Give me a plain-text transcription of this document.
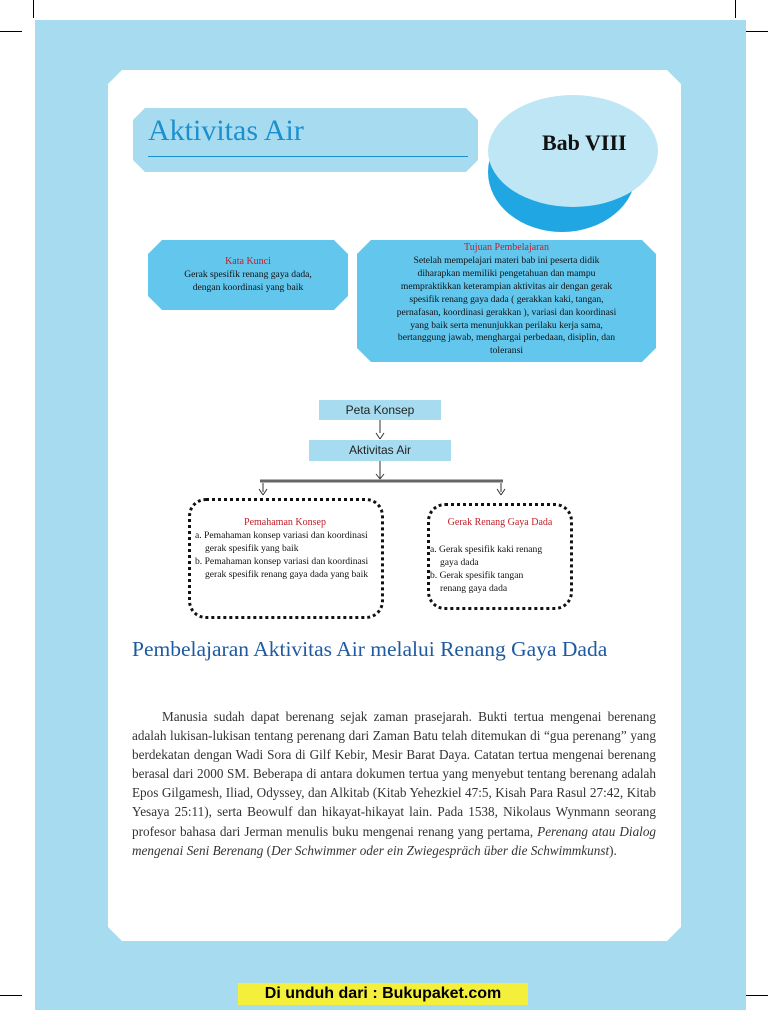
Aktivitas Air	Bab VIII
Kata Kunci
Gerak spesifik renang gaya dada,
dengan koordinasi yang baik
Tujuan Pembelajaran
Setelah mempelajari materi bab ini peserta didik
diharapkan memiliki pengetahuan dan mampu
mempraktikkan keterampian aktivitas air dengan gerak
spesifik renang gaya dada ( gerakkan kaki, tangan,
pernafasan, koordinasi gerakkan ), variasi dan koordinasi
yang baik serta menunjukkan perilaku kerja sama,
bertanggung jawab, menghargai perbedaan, disiplin, dan
toleransi
Peta Konsep
Aktivitas Air
Pemahaman Konsep
a. Pemahaman konsep variasi dan koordinasi gerak spesifik yang baik
b. Pemahaman konsep variasi dan koordinasi gerak spesifik renang gaya dada yang baik
Gerak Renang Gaya Dada
a. Gerak spesifik kaki renang gaya dada
b. Gerak spesifik tangan renang gaya dada
Pembelajaran Aktivitas Air melalui Renang Gaya Dada

Manusia sudah dapat berenang sejak zaman prasejarah. Bukti tertua mengenai berenang adalah lukisan-lukisan tentang perenang dari Zaman Batu telah ditemukan di “gua perenang” yang berdekatan dengan Wadi Sora di Gilf Kebir, Mesir Barat Daya. Catatan tertua mengenai berenang berasal dari 2000 SM. Beberapa di antara dokumen tertua yang menyebut tentang berenang adalah Epos Gilgamesh, Iliad, Odyssey, dan Alkitab (Kitab Yehezkiel 47:5, Kisah Para Rasul 27:42, Kitab Yesaya 25:11), serta Beowulf dan hikayat-hikayat lain. Pada 1538, Nikolaus Wynmann seorang profesor bahasa dari Jerman menulis buku mengenai renang yang pertama, Perenang atau Dialog mengenai Seni Berenang (Der Schwimmer oder ein Zwiegespräch über die Schwimmkunst).

Di unduh dari : Bukupaket.com
